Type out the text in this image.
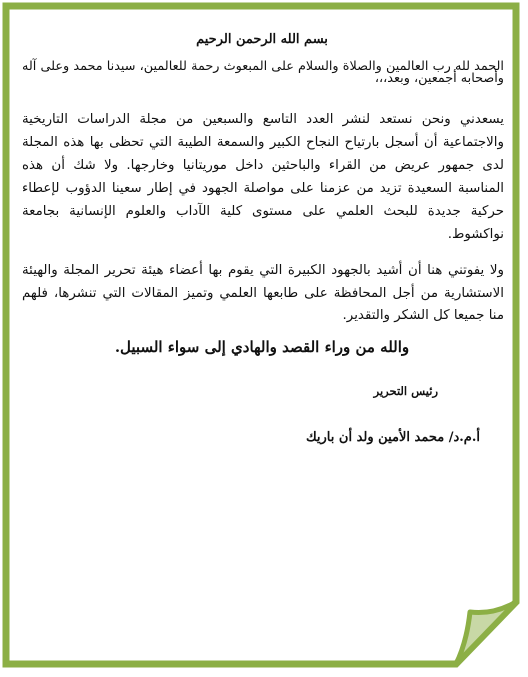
بسم الله الرحمن الرحيم

الحمد لله رب العالمين والصلاة والسلام على المبعوث رحمة للعالمين، سيدنا محمد وعلى آله وأصحابه أجمعين، وبعد،،،

يسعدني ونحن نستعد لنشر العدد التاسع والسبعين من مجلة الدراسات التاريخية والاجتماعية أن أسجل بارتياح النجاح الكبير والسمعة الطيبة التي تحظى بها هذه المجلة لدى جمهور عريض من القراء والباحثين داخل موريتانيا وخارجها. ولا شك أن هذه المناسبة السعيدة تزيد من عزمنا على مواصلة الجهود في إطار سعينا الدؤوب لإعطاء حركية جديدة للبحث العلمي على مستوى كلية الآداب والعلوم الإنسانية بجامعة نواكشوط.

ولا يفوتني هنا أن أشيد بالجهود الكبيرة التي يقوم بها أعضاء هيئة تحرير المجلة والهيئة الاستشارية من أجل المحافظة على طابعها العلمي وتميز المقالات التي تنشرها، فلهم منا جميعا كل الشكر والتقدير.

والله من وراء القصد والهادي إلى سواء السبيل.
رئيس التحرير
أ.م.د/ محمد الأمين ولد أن باريك
